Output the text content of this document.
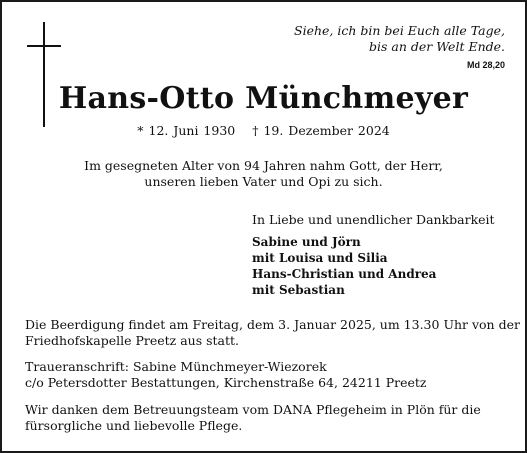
Siehe, ich bin bei Euch alle Tage,
bis an der Welt Ende.
Md 28,20
Hans-Otto Münchmeyer
* 12. Juni 1930 † 19. Dezember 2024
Im gesegneten Alter von 94 Jahren nahm Gott, der Herr,
unseren lieben Vater und Opi zu sich.
In Liebe und unendlicher Dankbarkeit
Sabine und Jörn
mit Louisa und Silia
Hans-Christian und Andrea
mit Sebastian
Die Beerdigung findet am Freitag, dem 3. Januar 2025, um 13.30 Uhr von der
Friedhofskapelle Preetz aus statt.
Traueranschrift: Sabine Münchmeyer-Wiezorek
c/o Petersdotter Bestattungen, Kirchenstraße 64, 24211 Preetz
Wir danken dem Betreuungsteam vom DANA Pflegeheim in Plön für die
fürsorgliche und liebevolle Pflege.
